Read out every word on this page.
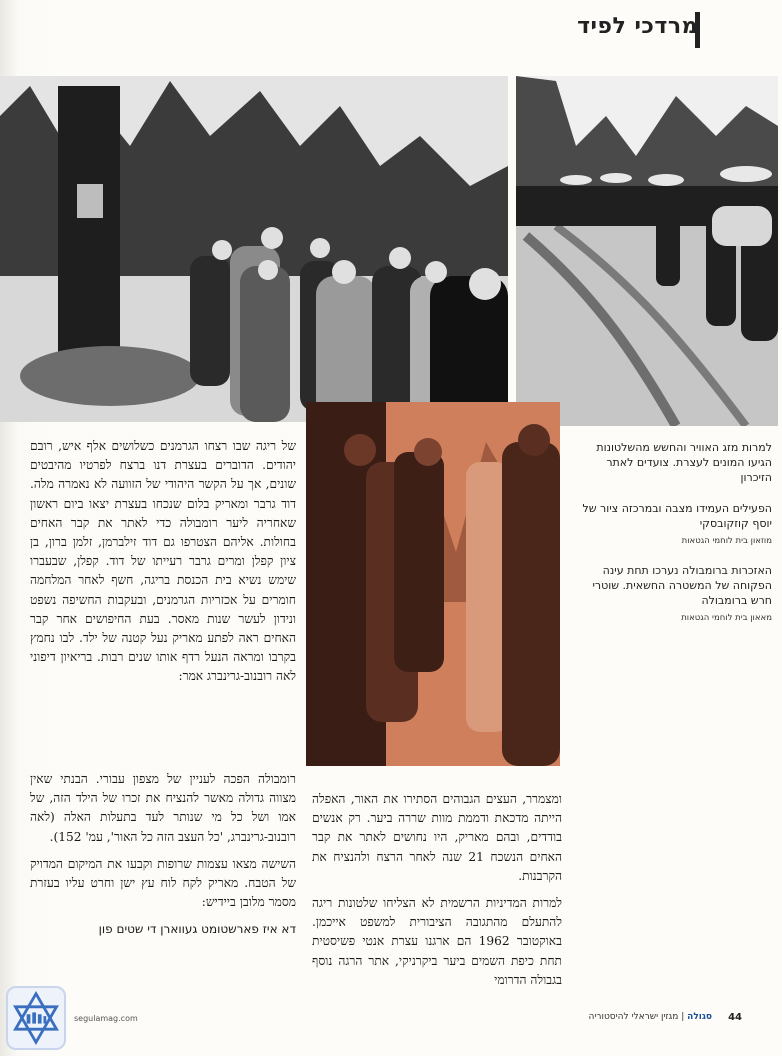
מרדכי לפיד
למרות מזג האוויר והחשש מהשלטונות הגיעו המונים לעצרת. צועדים לאתר הזיכרון
הפעילים העמידו מצבה ובמרכזה ציור של יוסף קוזקובסקי
מוזאון בית לוחמי הגטאות
האזכרות ברומבולה נערכו תחת עינה הפקוחה של המשטרה החשאית. שוטרי חרש ברומבולה
מאאון בית לוחמי הגטאות

של ריגה שבו רצחו הגרמנים כשלושים אלף איש, רובם יהודים. הדוברים בעצרת דנו ברצח לפרטיו מהיבטים שונים, אך על הקשר היהודי של הזוועה לא נאמרה מלה. דוד גרבר ומאריק בלום שנכחו בעצרת יצאו ביום ראשון שאחריה ליער רומבולה כדי לאתר את קבר האחים בחולות. אליהם הצטרפו גם דוד זילברמן, זלמן ברון, בן ציון קפלן ומרים גרבר רעייתו של דוד. קפלן, שבעברו שימש נשיא בית הכנסת בריגה, חשף לאחר המלחמה חומרים על אכזריות הגרמנים, ובעקבות החשיפה נשפט ונידון לעשר שנות מאסר. בעת החיפושים אחר קבר האחים ראה לפתע מאריק נעל קטנה של ילד. לבו נחמץ בקרבו ומראה הנעל רדף אותו שנים רבות. בריאיון דיפוני לאה רובנוב-גרינברג אמר:

רומבולה הפכה לעניין של מצפון עבורי. הבנתי שאין מצווה גדולה מאשר להנציח את זכרו של הילד הזה, של אמו ושל כל מי שנותר לעד בתעלות האלה (לאה רובנוב-גרינברג, 'כל העצב הזה כל האור', עמ' 152).

השישה מצאו עצמות שרופות וקבעו את המיקום המדויק של הטבח. מאריק לקח לוח עץ ישן וחרט עליו בעזרת מסמר מלובן ביידיש:

דא איז פארשטומט געווארן די שטים פון

ומצמרר, העצים הגבוהים הסתירו את האור, האפלה הייתה מדכאת ודממת מוות שררה ביער. רק אנשים בודדים, ובהם מאריק, היו נחושים לאתר את קבר האחים הנשכח 21 שנה לאחר הרצח ולהנציח את הקרבנות.

למרות המדיניות הרשמית לא הצליחו שלטונות ריגה להתעלם מהתגובה הציבורית למשפט אייכמן. באוקטובר 1962 הם ארגנו עצרת אנטי פשיסטית תחת כיפת השמים ביער ביקרניקי, אתר הרגה נוסף בגבולה הדרומי

44
סגולה | מגזין ישראלי להיסטוריה
segulamag.com
